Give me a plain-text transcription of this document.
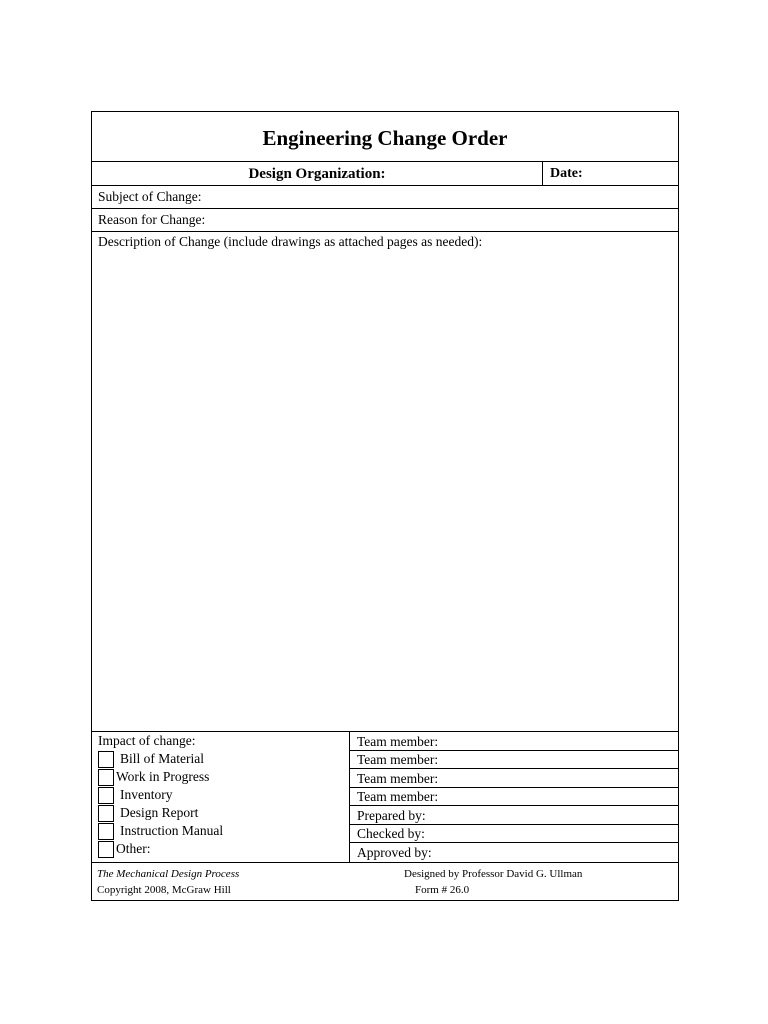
Engineering Change Order
Design Organization:	Date:
Subject of Change:
Reason for Change:
Description of Change (include drawings as attached pages as needed):
Impact of change:
Bill of Material
Work in Progress
Inventory
Design Report
Instruction Manual
Other:
Team member:
Team member:
Team member:
Team member:
Prepared by:
Checked by:
Approved by:
The Mechanical Design Process
Copyright 2008, McGraw Hill
Designed by Professor David G. Ullman
Form # 26.0
